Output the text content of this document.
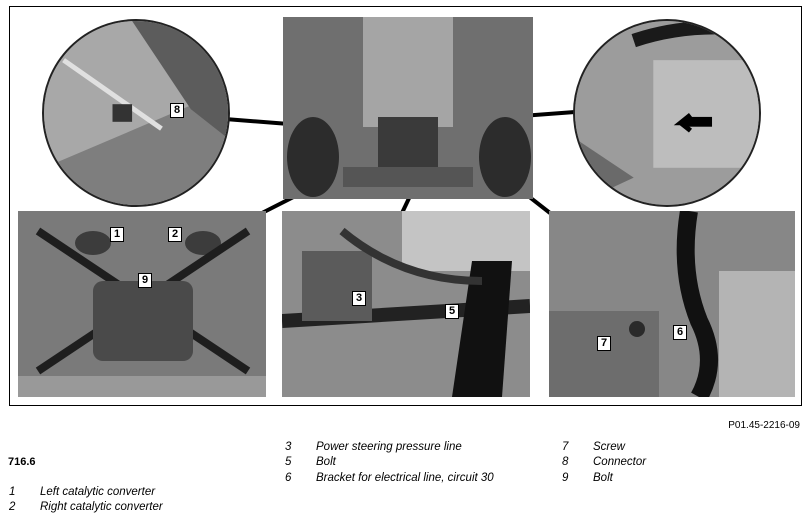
8
1	2
9
3
5
6
7
P01.45-2216-09
716.6
1	Left catalytic converter
2	Right catalytic converter
3	Power steering pressure line
5	Bolt
6	Bracket for electrical line, circuit 30
7	Screw
8	Connector
9	Bolt
